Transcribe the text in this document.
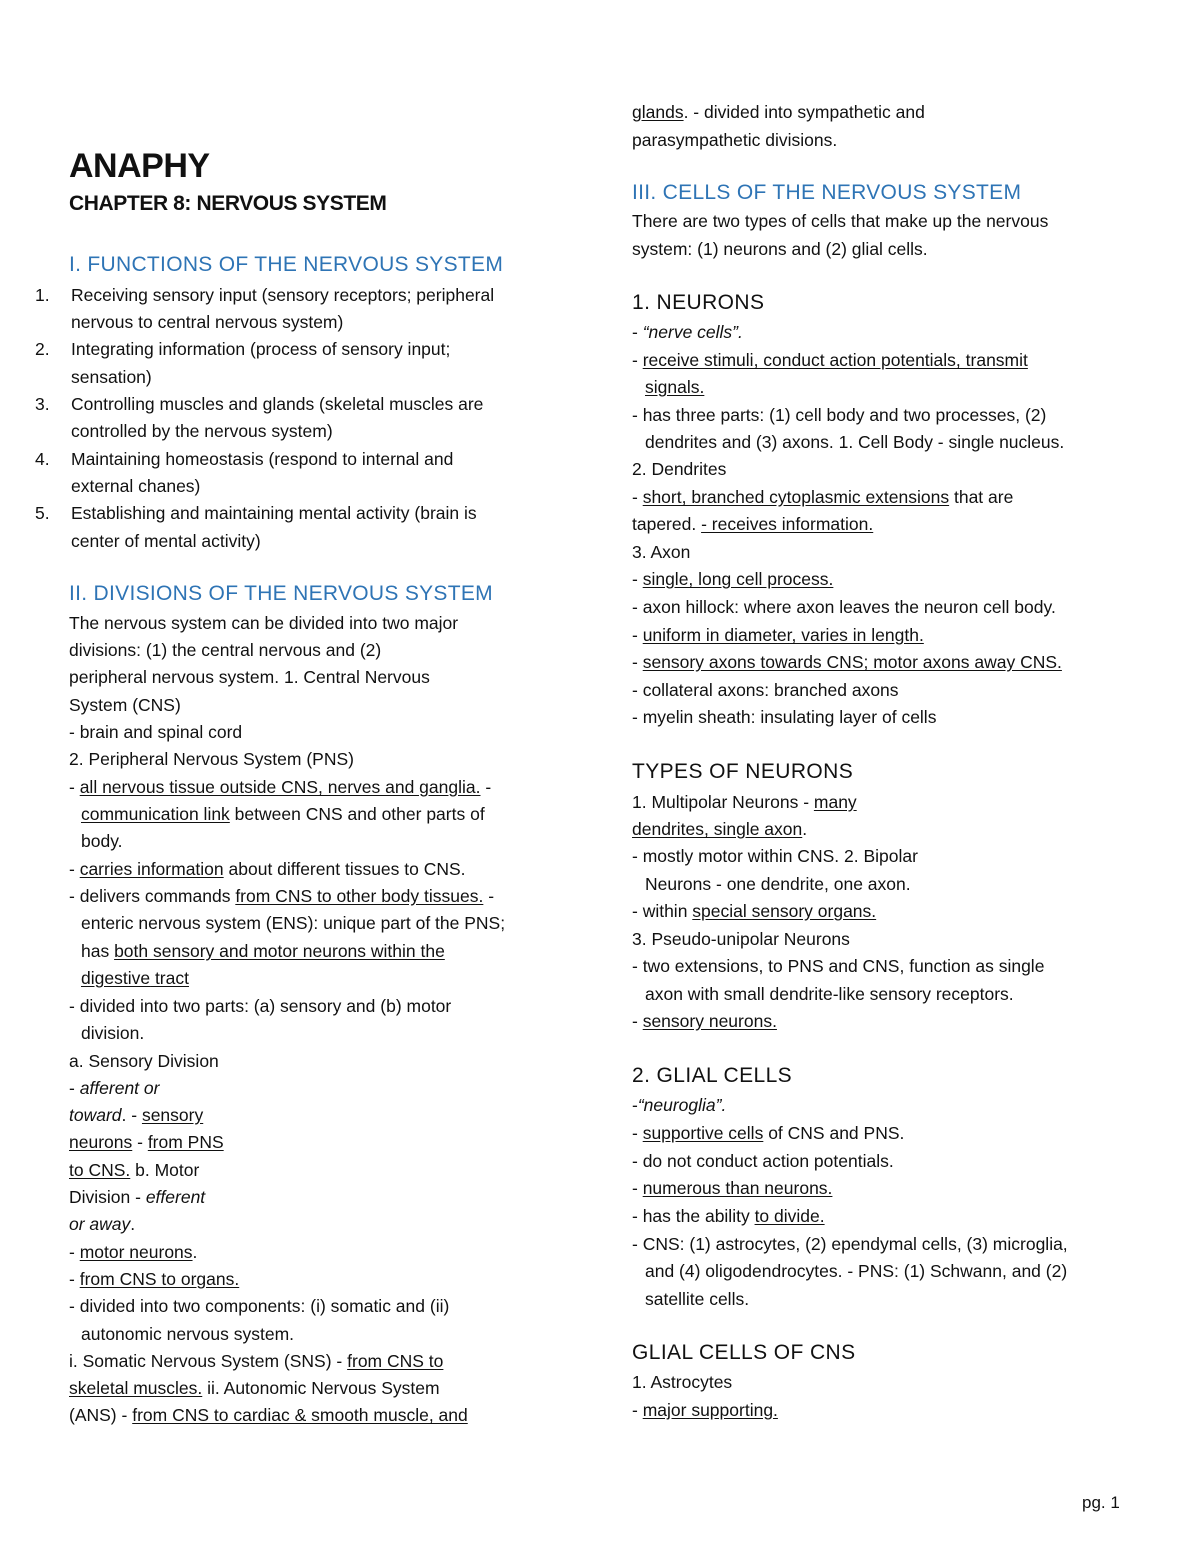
ANAPHY
CHAPTER 8: NERVOUS SYSTEM
I. FUNCTIONS OF THE NERVOUS SYSTEM
1. Receiving sensory input (sensory receptors; peripheral
nervous to central nervous system)
2. Integrating information (process of sensory input;
sensation)
3. Controlling muscles and glands (skeletal muscles are
controlled by the nervous system)
4. Maintaining homeostasis (respond to internal and
external chanes)
5. Establishing and maintaining mental activity (brain is
center of mental activity)
II. DIVISIONS OF THE NERVOUS SYSTEM
The nervous system can be divided into two major
divisions: (1) the central nervous and (2)
peripheral nervous system. 1. Central Nervous
System (CNS)
- brain and spinal cord
2. Peripheral Nervous System (PNS)
- all nervous tissue outside CNS, nerves and ganglia. -
communication link between CNS and other parts of
body.
- carries information about different tissues to CNS.
- delivers commands from CNS to other body tissues. -
enteric nervous system (ENS): unique part of the PNS;
has both sensory and motor neurons within the
digestive tract
- divided into two parts: (a) sensory and (b) motor
division.
a. Sensory Division
- afferent or
toward. - sensory
neurons - from PNS
to CNS. b. Motor
Division - efferent
or away.
- motor neurons.
- from CNS to organs.
- divided into two components: (i) somatic and (ii)
autonomic nervous system.
i. Somatic Nervous System (SNS) - from CNS to
skeletal muscles. ii. Autonomic Nervous System
(ANS) - from CNS to cardiac & smooth muscle, and
glands. - divided into sympathetic and
parasympathetic divisions.
III. CELLS OF THE NERVOUS SYSTEM
There are two types of cells that make up the nervous
system: (1) neurons and (2) glial cells.
1. NEURONS
- “nerve cells”.
- receive stimuli, conduct action potentials, transmit
signals.
- has three parts: (1) cell body and two processes, (2)
dendrites and (3) axons. 1. Cell Body - single nucleus.
2. Dendrites
- short, branched cytoplasmic extensions that are
tapered. - receives information.
3. Axon
- single, long cell process.
- axon hillock: where axon leaves the neuron cell body.
- uniform in diameter, varies in length.
- sensory axons towards CNS; motor axons away CNS.
- collateral axons: branched axons
- myelin sheath: insulating layer of cells
TYPES OF NEURONS
1. Multipolar Neurons - many
dendrites, single axon.
- mostly motor within CNS. 2. Bipolar
Neurons - one dendrite, one axon.
- within special sensory organs.
3. Pseudo-unipolar Neurons
- two extensions, to PNS and CNS, function as single
axon with small dendrite-like sensory receptors.
- sensory neurons.
2. GLIAL CELLS
-“neuroglia”.
- supportive cells of CNS and PNS.
- do not conduct action potentials.
- numerous than neurons.
- has the ability to divide.
- CNS: (1) astrocytes, (2) ependymal cells, (3) microglia,
and (4) oligodendrocytes. - PNS: (1) Schwann, and (2)
satellite cells.
GLIAL CELLS OF CNS
1. Astrocytes
- major supporting.
pg. 1
